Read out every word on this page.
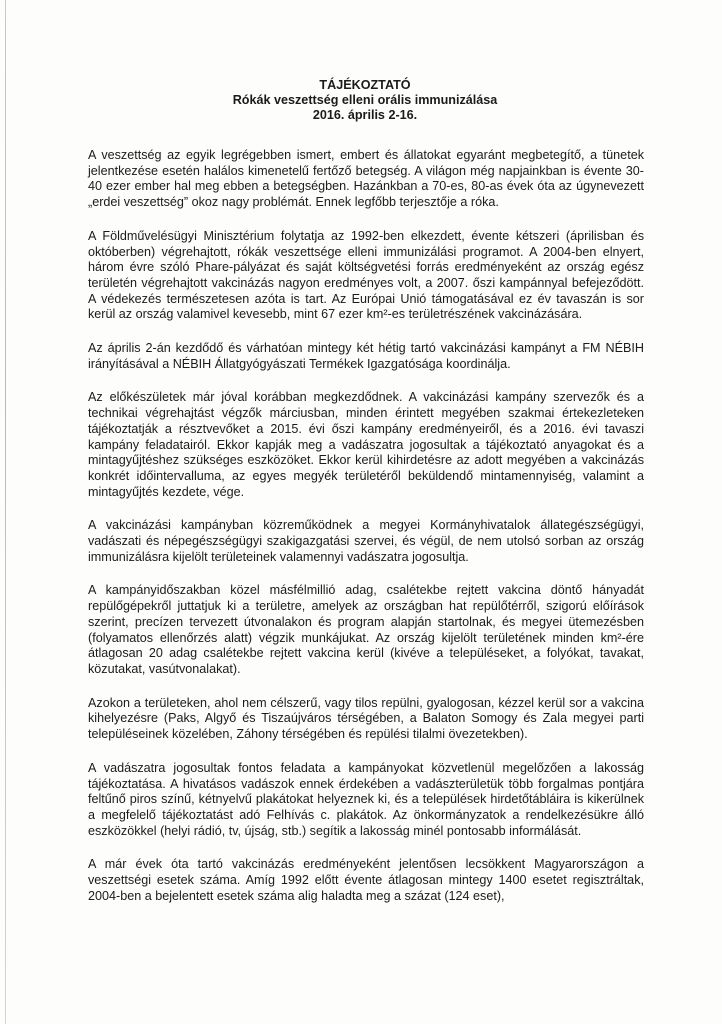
TÁJÉKOZTATÓ
Rókák veszettség elleni orális immunizálása
2016. április 2-16.

A veszettség az egyik legrégebben ismert, embert és állatokat egyaránt megbetegítő, a tünetek jelentkezése esetén halálos kimenetelű fertőző betegség. A világon még napjainkban is évente 30-40 ezer ember hal meg ebben a betegségben. Hazánkban a 70-es, 80-as évek óta az úgynevezett „erdei veszettség” okoz nagy problémát. Ennek legfőbb terjesztője a róka.

A Földművelésügyi Minisztérium folytatja az 1992-ben elkezdett, évente kétszeri (áprilisban és októberben) végrehajtott, rókák veszettsége elleni immunizálási programot. A 2004-ben elnyert, három évre szóló Phare-pályázat és saját költségvetési forrás eredményeként az ország egész területén végrehajtott vakcinázás nagyon eredményes volt, a 2007. őszi kampánnyal befejeződött. A védekezés természetesen azóta is tart. Az Európai Unió támogatásával ez év tavaszán is sor kerül az ország valamivel kevesebb, mint 67 ezer km²-es területrészének vakcinázására.

Az április 2-án kezdődő és várhatóan mintegy két hétig tartó vakcinázási kampányt a FM NÉBIH irányításával a NÉBIH Állatgyógyászati Termékek Igazgatósága koordinálja.

Az előkészületek már jóval korábban megkezdődnek. A vakcinázási kampány szervezők és a technikai végrehajtást végzők márciusban, minden érintett megyében szakmai értekezleteken tájékoztatják a résztvevőket a 2015. évi őszi kampány eredményeiről, és a 2016. évi tavaszi kampány feladatairól. Ekkor kapják meg a vadászatra jogosultak a tájékoztató anyagokat és a mintagyűjtéshez szükséges eszközöket. Ekkor kerül kihirdetésre az adott megyében a vakcinázás konkrét időintervalluma, az egyes megyék területéről beküldendő mintamennyiség, valamint a mintagyűjtés kezdete, vége.

A vakcinázási kampányban közreműködnek a megyei Kormányhivatalok állategészségügyi, vadászati és népegészségügyi szakigazgatási szervei, és végül, de nem utolsó sorban az ország immunizálásra kijelölt területeinek valamennyi vadászatra jogosultja.

A kampányidőszakban közel másfélmillió adag, csalétekbe rejtett vakcina döntő hányadát repülőgépekről juttatjuk ki a területre, amelyek az országban hat repülőtérről, szigorú előírások szerint, precízen tervezett útvonalakon és program alapján startolnak, és megyei ütemezésben (folyamatos ellenőrzés alatt) végzik munkájukat. Az ország kijelölt területének minden km²-ére átlagosan 20 adag csalétekbe rejtett vakcina kerül (kivéve a településeket, a folyókat, tavakat, közutakat, vasútvonalakat).

Azokon a területeken, ahol nem célszerű, vagy tilos repülni, gyalogosan, kézzel kerül sor a vakcina kihelyezésre (Paks, Algyő és Tiszaújváros térségében, a Balaton Somogy és Zala megyei parti településeinek közelében, Záhony térségében és repülési tilalmi övezetekben).

A vadászatra jogosultak fontos feladata a kampányokat közvetlenül megelőzően a lakosság tájékoztatása. A hivatásos vadászok ennek érdekében a vadászterületük több forgalmas pontjára feltűnő piros színű, kétnyelvű plakátokat helyeznek ki, és a települések hirdetőtábláira is kikerülnek a megfelelő tájékoztatást adó Felhívás c. plakátok. Az önkormányzatok a rendelkezésükre álló eszközökkel (helyi rádió, tv, újság, stb.) segítik a lakosság minél pontosabb informálását.

A már évek óta tartó vakcinázás eredményeként jelentősen lecsökkent Magyarországon a veszettségi esetek száma. Amíg 1992 előtt évente átlagosan mintegy 1400 esetet regisztráltak, 2004-ben a bejelentett esetek száma alig haladta meg a százat (124 eset),
